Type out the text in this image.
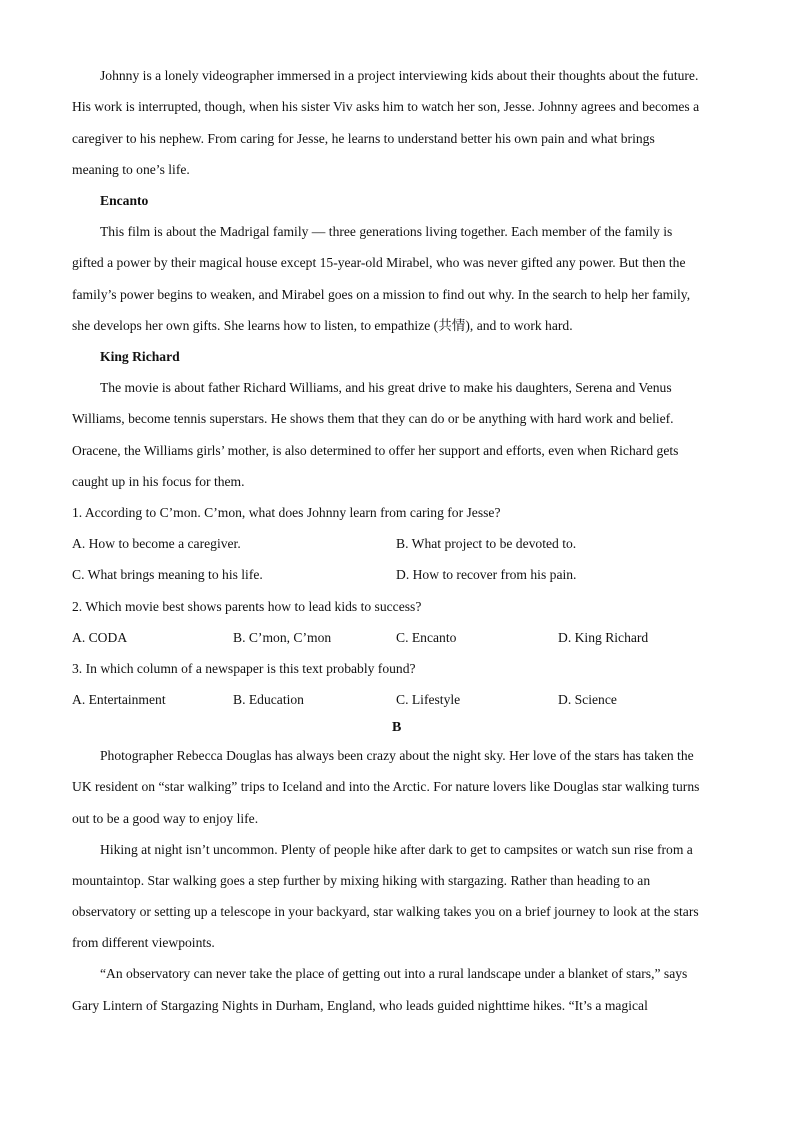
Johnny is a lonely videographer immersed in a project interviewing kids about their thoughts about the future.
His work is interrupted, though, when his sister Viv asks him to watch her son, Jesse. Johnny agrees and becomes a
caregiver to his nephew. From caring for Jesse, he learns to understand better his own pain and what brings
meaning to one’s life.
Encanto
This film is about the Madrigal family — three generations living together. Each member of the family is
gifted a power by their magical house except 15-year-old Mirabel, who was never gifted any power. But then the
family’s power begins to weaken, and Mirabel goes on a mission to find out why. In the search to help her family,
she develops her own gifts. She learns how to listen, to empathize (共情), and to work hard.
King Richard
The movie is about father Richard Williams, and his great drive to make his daughters, Serena and Venus
Williams, become tennis superstars. He shows them that they can do or be anything with hard work and belief.
Oracene, the Williams girls’ mother, is also determined to offer her support and efforts, even when Richard gets
caught up in his focus for them.
1. According to C’mon. C’mon, what does Johnny learn from caring for Jesse?
A. How to become a caregiver.	B. What project to be devoted to.
C. What brings meaning to his life.	D. How to recover from his pain.
2. Which movie best shows parents how to lead kids to success?
A. CODA	B. C’mon, C’mon	C. Encanto	D. King Richard
3. In which column of a newspaper is this text probably found?
A. Entertainment	B. Education	C. Lifestyle	D. Science
B
Photographer Rebecca Douglas has always been crazy about the night sky. Her love of the stars has taken the
UK resident on “star walking” trips to Iceland and into the Arctic. For nature lovers like Douglas star walking turns
out to be a good way to enjoy life.
Hiking at night isn’t uncommon. Plenty of people hike after dark to get to campsites or watch sun rise from a
mountaintop. Star walking goes a step further by mixing hiking with stargazing. Rather than heading to an
observatory or setting up a telescope in your backyard, star walking takes you on a brief journey to look at the stars
from different viewpoints.
“An observatory can never take the place of getting out into a rural landscape under a blanket of stars,” says
Gary Lintern of Stargazing Nights in Durham, England, who leads guided nighttime hikes. “It’s a magical
